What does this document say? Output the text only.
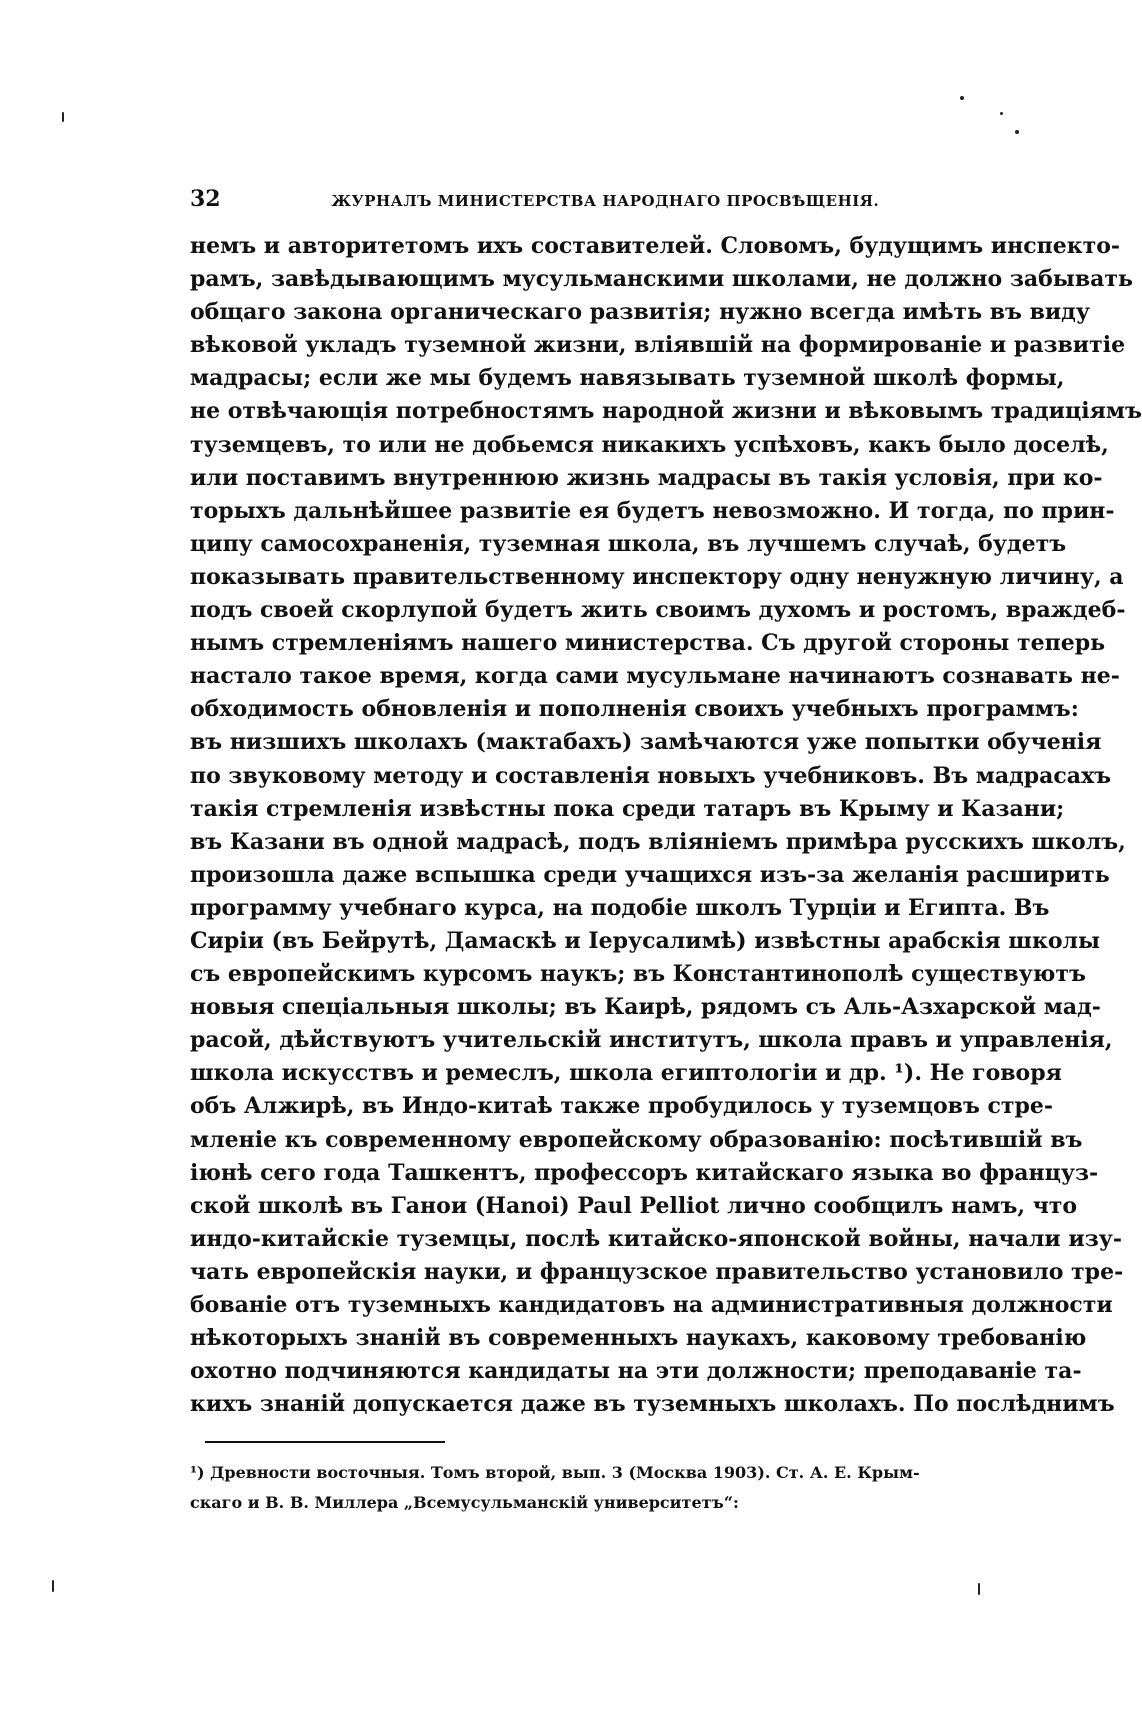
32	ЖУРНАЛЪ МИНИСТЕРСТВА НАРОДНАГО ПРОСВѢЩЕНІЯ.
немъ и авторитетомъ ихъ составителей. Словомъ, будущимъ инспекто-
рамъ, завѣдывающимъ мусульманскими школами, не должно забывать
общаго закона органическаго развитія; нужно всегда имѣть въ виду
вѣковой укладъ туземной жизни, вліявшій на формированіе и развитіе
мадрасы; если же мы будемъ навязывать туземной школѣ формы,
не отвѣчающія потребностямъ народной жизни и вѣковымъ традиціямъ
туземцевъ, то или не добьемся никакихъ успѣховъ, какъ было доселѣ,
или поставимъ внутреннюю жизнь мадрасы въ такія условія, при ко-
торыхъ дальнѣйшее развитіе ея будетъ невозможно. И тогда, по прин-
ципу самосохраненія, туземная школа, въ лучшемъ случаѣ, будетъ
показывать правительственному инспектору одну ненужную личину, а
подъ своей скорлупой будетъ жить своимъ духомъ и ростомъ, враждеб-
нымъ стремленіямъ нашего министерства. Съ другой стороны теперь
настало такое время, когда сами мусульмане начинаютъ сознавать не-
обходимость обновленія и пополненія своихъ учебныхъ программъ:
въ низшихъ школахъ (мактабахъ) замѣчаются уже попытки обученія
по звуковому методу и составленія новыхъ учебниковъ. Въ мадрасахъ
такія стремленія извѣстны пока среди татаръ въ Крыму и Казани;
въ Казани въ одной мадрасѣ, подъ вліяніемъ примѣра русскихъ школъ,
произошла даже вспышка среди учащихся изъ-за желанія расширить
программу учебнаго курса, на подобіе школъ Турціи и Египта. Въ
Сиріи (въ Бейрутѣ, Дамаскѣ и Іерусалимѣ) извѣстны арабскія школы
съ европейскимъ курсомъ наукъ; въ Константинополѣ существуютъ
новыя спеціальныя школы; въ Каирѣ, рядомъ съ Аль-Азхарской мад-
расой, дѣйствуютъ учительскій институтъ, школа правъ и управленія,
школа искусствъ и ремеслъ, школа египтологіи и др. ¹). Не говоря
объ Алжирѣ, въ Индо-китаѣ также пробудилось у туземцовъ стре-
мленіе къ современному европейскому образованію: посѣтившій въ
іюнѣ сего года Ташкентъ, профессоръ китайскаго языка во француз-
ской школѣ въ Ганои (Hanoi) Paul Pelliot лично сообщилъ намъ, что
индо-китайскіе туземцы, послѣ китайско-японской войны, начали изу-
чать европейскія науки, и французское правительство установило тре-
бованіе отъ туземныхъ кандидатовъ на административныя должности
нѣкоторыхъ знаній въ современныхъ наукахъ, каковому требованію
охотно подчиняются кандидаты на эти должности; преподаваніе та-
кихъ знаній допускается даже въ туземныхъ школахъ. По послѣднимъ
¹) Древности восточныя. Томъ второй, вып. 3 (Москва 1903). Ст. А. Е. Крым-
скаго и В. В. Миллера „Всемусульманскій университетъ“:
